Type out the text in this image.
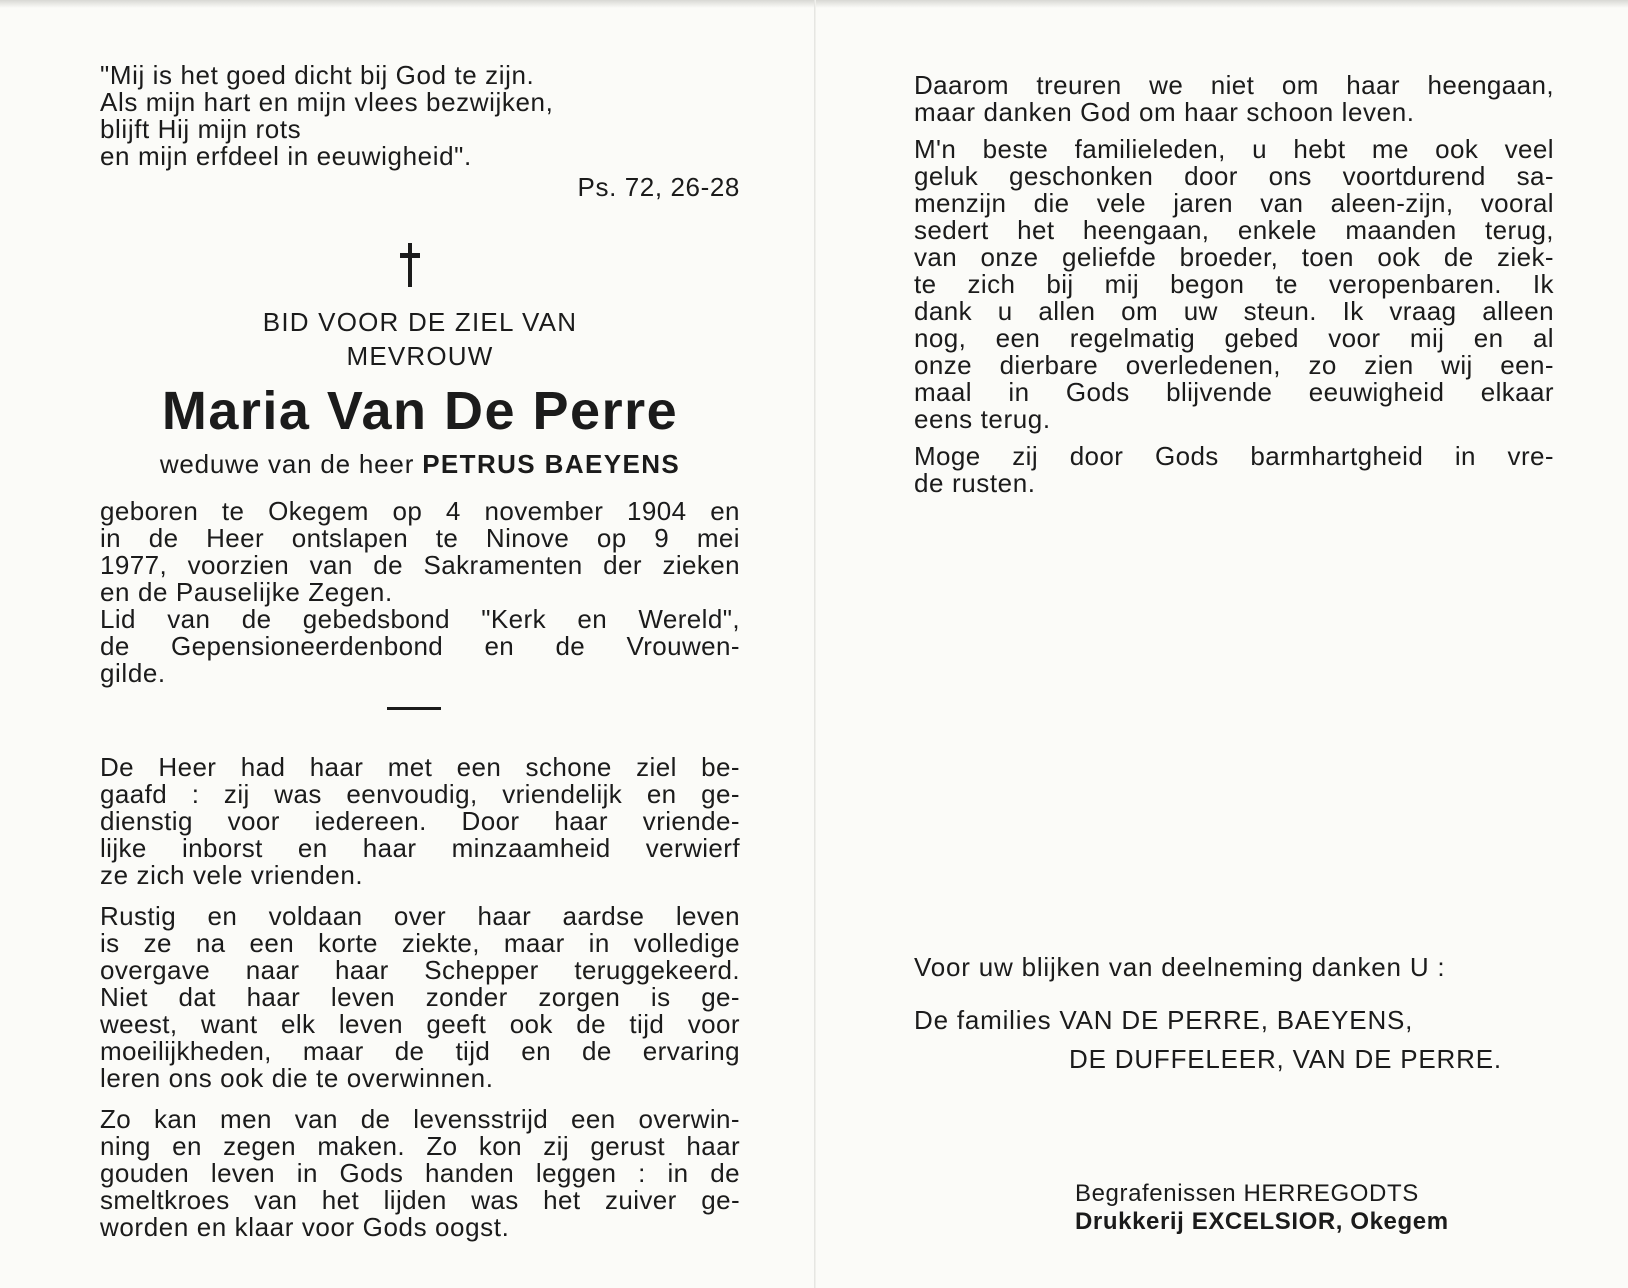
"Mij is het goed dicht bij God te zijn.
Als mijn hart en mijn vlees bezwijken,
blijft Hij mijn rots
en mijn erfdeel in eeuwigheid".
Ps. 72, 26-28
BID VOOR DE ZIEL VAN
MEVROUW
Maria Van De Perre
weduwe van de heer PETRUS BAEYENS
geboren te Okegem op 4 november 1904 en
in de Heer ontslapen te Ninove op 9 mei
1977, voorzien van de Sakramenten der zieken
en de Pauselijke Zegen.
Lid van de gebedsbond "Kerk en Wereld",
de Gepensioneerdenbond en de Vrouwen-
gilde.
De Heer had haar met een schone ziel be-
gaafd : zij was eenvoudig, vriendelijk en ge-
dienstig voor iedereen. Door haar vriende-
lijke inborst en haar minzaamheid verwierf
ze zich vele vrienden.
Rustig en voldaan over haar aardse leven
is ze na een korte ziekte, maar in volledige
overgave naar haar Schepper teruggekeerd.
Niet dat haar leven zonder zorgen is ge-
weest, want elk leven geeft ook de tijd voor
moeilijkheden, maar de tijd en de ervaring
leren ons ook die te overwinnen.
Zo kan men van de levensstrijd een overwin-
ning en zegen maken. Zo kon zij gerust haar
gouden leven in Gods handen leggen : in de
smeltkroes van het lijden was het zuiver ge-
worden en klaar voor Gods oogst.
Daarom treuren we niet om haar heengaan,
maar danken God om haar schoon leven.
M'n beste familieleden, u hebt me ook veel
geluk geschonken door ons voortdurend sa-
menzijn die vele jaren van aleen-zijn, vooral
sedert het heengaan, enkele maanden terug,
van onze geliefde broeder, toen ook de ziek-
te zich bij mij begon te veropenbaren. Ik
dank u allen om uw steun. Ik vraag alleen
nog, een regelmatig gebed voor mij en al
onze dierbare overledenen, zo zien wij een-
maal in Gods blijvende eeuwigheid elkaar
eens terug.
Moge zij door Gods barmhartgheid in vre-
de rusten.
Voor uw blijken van deelneming danken U :
De families VAN DE PERRE, BAEYENS,
DE DUFFELEER, VAN DE PERRE.
Begrafenissen HERREGODTS
Drukkerij EXCELSIOR, Okegem
